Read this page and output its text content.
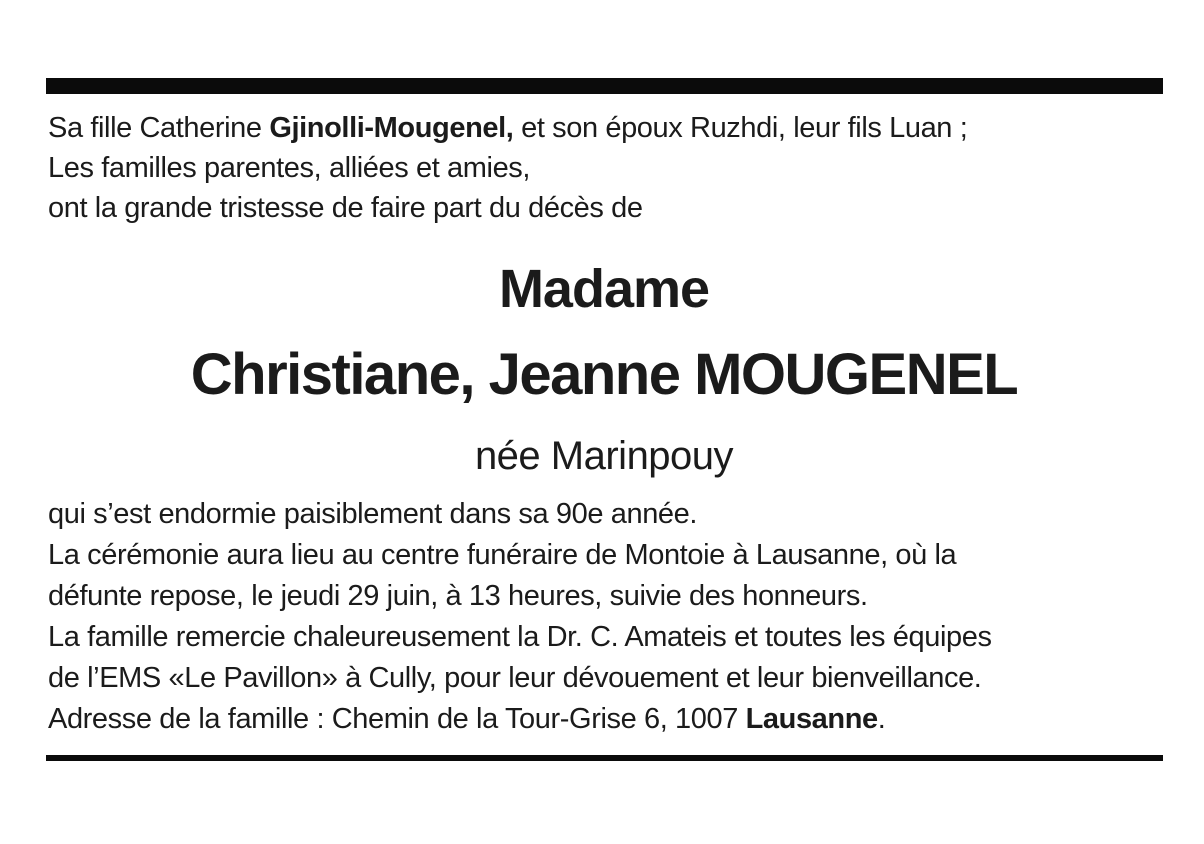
Sa fille Catherine Gjinolli-Mougenel, et son époux Ruzhdi, leur fils Luan ;

Les familles parentes, alliées et amies,

ont la grande tristesse de faire part du décès de

Madame

Christiane, Jeanne MOUGENEL

née Marinpouy

qui s’est endormie paisiblement dans sa 90e année.

La cérémonie aura lieu au centre funéraire de Montoie à Lausanne, où la

défunte repose, le jeudi 29 juin, à 13 heures, suivie des honneurs.

La famille remercie chaleureusement la Dr. C. Amateis et toutes les équipes

de l’EMS «Le Pavillon» à Cully, pour leur dévouement et leur bienveillance.

Adresse de la famille : Chemin de la Tour-Grise 6, 1007 Lausanne.
